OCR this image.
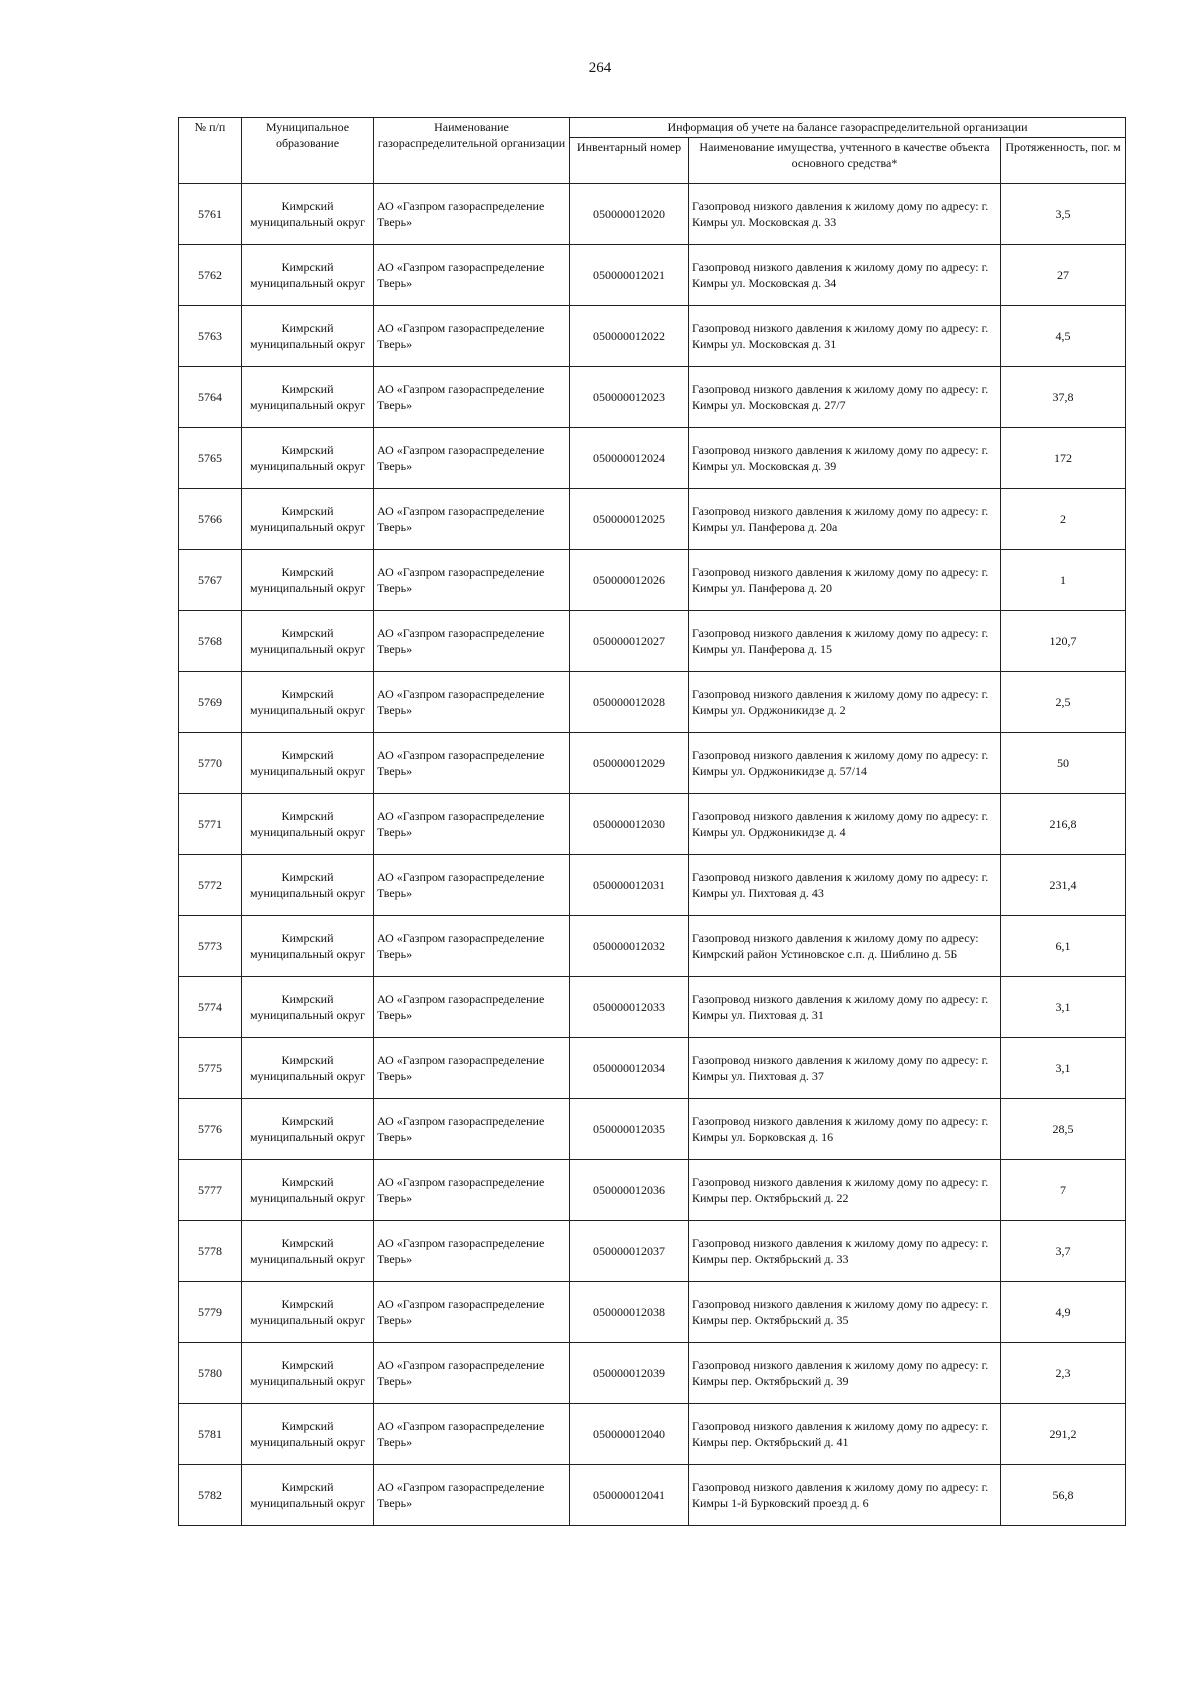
264
№ п/п	Муниципальное образование	Наименование газораспределительной организации	Информация об учете на балансе газораспределительной организации		
			Инвентарный номер	Наименование имущества, учтенного в качестве объекта основного средства*	Протяженность, пог. м
5761	Кимрский муниципальный округ	АО «Газпром газораспределение Тверь»	050000012020	Газопровод низкого давления к жилому дому по адресу: г. Кимры ул. Московская д. 33	3,5
5762	Кимрский муниципальный округ	АО «Газпром газораспределение Тверь»	050000012021	Газопровод низкого давления к жилому дому по адресу: г. Кимры ул. Московская д. 34	27
5763	Кимрский муниципальный округ	АО «Газпром газораспределение Тверь»	050000012022	Газопровод низкого давления к жилому дому по адресу: г. Кимры ул. Московская д. 31	4,5
5764	Кимрский муниципальный округ	АО «Газпром газораспределение Тверь»	050000012023	Газопровод низкого давления к жилому дому по адресу: г. Кимры ул. Московская д. 27/7	37,8
5765	Кимрский муниципальный округ	АО «Газпром газораспределение Тверь»	050000012024	Газопровод низкого давления к жилому дому по адресу: г. Кимры ул. Московская д. 39	172
5766	Кимрский муниципальный округ	АО «Газпром газораспределение Тверь»	050000012025	Газопровод низкого давления к жилому дому по адресу: г. Кимры ул. Панферова д. 20а	2
5767	Кимрский муниципальный округ	АО «Газпром газораспределение Тверь»	050000012026	Газопровод низкого давления к жилому дому по адресу: г. Кимры ул. Панферова д. 20	1
5768	Кимрский муниципальный округ	АО «Газпром газораспределение Тверь»	050000012027	Газопровод низкого давления к жилому дому по адресу: г. Кимры ул. Панферова д. 15	120,7
5769	Кимрский муниципальный округ	АО «Газпром газораспределение Тверь»	050000012028	Газопровод низкого давления к жилому дому по адресу: г. Кимры ул. Орджоникидзе д. 2	2,5
5770	Кимрский муниципальный округ	АО «Газпром газораспределение Тверь»	050000012029	Газопровод низкого давления к жилому дому по адресу: г. Кимры ул. Орджоникидзе д. 57/14	50
5771	Кимрский муниципальный округ	АО «Газпром газораспределение Тверь»	050000012030	Газопровод низкого давления к жилому дому по адресу: г. Кимры ул. Орджоникидзе д. 4	216,8
5772	Кимрский муниципальный округ	АО «Газпром газораспределение Тверь»	050000012031	Газопровод низкого давления к жилому дому по адресу: г. Кимры ул. Пихтовая д. 43	231,4
5773	Кимрский муниципальный округ	АО «Газпром газораспределение Тверь»	050000012032	Газопровод низкого давления к жилому дому по адресу: Кимрский район Устиновское с.п. д. Шиблино д. 5Б	6,1
5774	Кимрский муниципальный округ	АО «Газпром газораспределение Тверь»	050000012033	Газопровод низкого давления к жилому дому по адресу: г. Кимры ул. Пихтовая д. 31	3,1
5775	Кимрский муниципальный округ	АО «Газпром газораспределение Тверь»	050000012034	Газопровод низкого давления к жилому дому по адресу: г. Кимры ул. Пихтовая д. 37	3,1
5776	Кимрский муниципальный округ	АО «Газпром газораспределение Тверь»	050000012035	Газопровод низкого давления к жилому дому по адресу: г. Кимры ул. Борковская д. 16	28,5
5777	Кимрский муниципальный округ	АО «Газпром газораспределение Тверь»	050000012036	Газопровод низкого давления к жилому дому по адресу: г. Кимры пер. Октябрьский д. 22	7
5778	Кимрский муниципальный округ	АО «Газпром газораспределение Тверь»	050000012037	Газопровод низкого давления к жилому дому по адресу: г. Кимры пер. Октябрьский д. 33	3,7
5779	Кимрский муниципальный округ	АО «Газпром газораспределение Тверь»	050000012038	Газопровод низкого давления к жилому дому по адресу: г. Кимры пер. Октябрьский д. 35	4,9
5780	Кимрский муниципальный округ	АО «Газпром газораспределение Тверь»	050000012039	Газопровод низкого давления к жилому дому по адресу: г. Кимры пер. Октябрьский д. 39	2,3
5781	Кимрский муниципальный округ	АО «Газпром газораспределение Тверь»	050000012040	Газопровод низкого давления к жилому дому по адресу: г. Кимры пер. Октябрьский д. 41	291,2
5782	Кимрский муниципальный округ	АО «Газпром газораспределение Тверь»	050000012041	Газопровод низкого давления к жилому дому по адресу: г. Кимры 1-й Бурковский проезд д. 6	56,8
